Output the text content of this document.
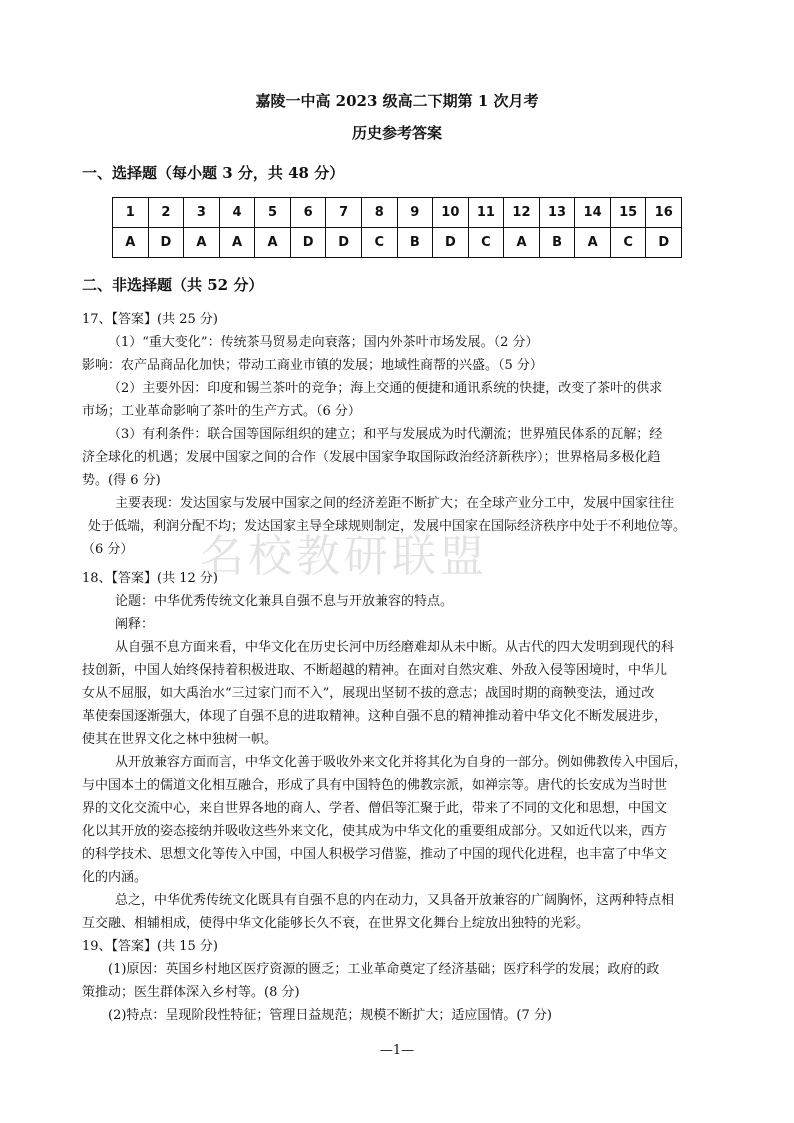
嘉陵一中高 2023 级高二下期第 1 次月考
历史参考答案
一、选择题（每小题 3 分，共 48 分）
1	2	3	4	5	6	7	8	9	10	11	12	13	14	15	16
A	D	A	A	A	D	D	C	B	D	C	A	B	A	C	D
二、非选择题（共 52 分）
17、【答案】(共 25 分)
（1）“重大变化”：传统茶马贸易走向衰落；国内外茶叶市场发展。（2 分）
影响：农产品商品化加快；带动工商业市镇的发展；地域性商帮的兴盛。（5 分）
（2）主要外因：印度和锡兰茶叶的竞争；海上交通的便捷和通讯系统的快捷，改变了茶叶的供求
市场；工业革命影响了茶叶的生产方式。（6 分）
（3）有利条件：联合国等国际组织的建立；和平与发展成为时代潮流；世界殖民体系的瓦解；经
济全球化的机遇；发展中国家之间的合作（发展中国家争取国际政治经济新秩序）；世界格局多极化趋
势。(得 6 分)
主要表现：发达国家与发展中国家之间的经济差距不断扩大；在全球产业分工中，发展中国家往往
处于低端，利润分配不均；发达国家主导全球规则制定，发展中国家在国际经济秩序中处于不利地位等。
（6 分）	名校教研联盟
18、【答案】(共 12 分)
论题：中华优秀传统文化兼具自强不息与开放兼容的特点。
阐释：
从自强不息方面来看，中华文化在历史长河中历经磨难却从未中断。从古代的四大发明到现代的科
技创新，中国人始终保持着积极进取、不断超越的精神。在面对自然灾难、外敌入侵等困境时，中华儿
女从不屈服，如大禹治水“三过家门而不入”，展现出坚韧不拔的意志；战国时期的商鞅变法，通过改
革使秦国逐渐强大，体现了自强不息的进取精神。这种自强不息的精神推动着中华文化不断发展进步，
使其在世界文化之林中独树一帜。
从开放兼容方面而言，中华文化善于吸收外来文化并将其化为自身的一部分。例如佛教传入中国后，
与中国本土的儒道文化相互融合，形成了具有中国特色的佛教宗派，如禅宗等。唐代的长安成为当时世
界的文化交流中心，来自世界各地的商人、学者、僧侣等汇聚于此，带来了不同的文化和思想，中国文
化以其开放的姿态接纳并吸收这些外来文化，使其成为中华文化的重要组成部分。又如近代以来，西方
的科学技术、思想文化等传入中国，中国人积极学习借鉴，推动了中国的现代化进程，也丰富了中华文
化的内涵。
总之，中华优秀传统文化既具有自强不息的内在动力，又具备开放兼容的广阔胸怀，这两种特点相
互交融、相辅相成，使得中华文化能够长久不衰，在世界文化舞台上绽放出独特的光彩。
19、【答案】(共 15 分)
(1)原因：英国乡村地区医疗资源的匮乏；工业革命奠定了经济基础；医疗科学的发展；政府的政
策推动；医生群体深入乡村等。(8 分)
(2)特点：呈现阶段性特征；管理日益规范；规模不断扩大；适应国情。(7 分)
—1—
